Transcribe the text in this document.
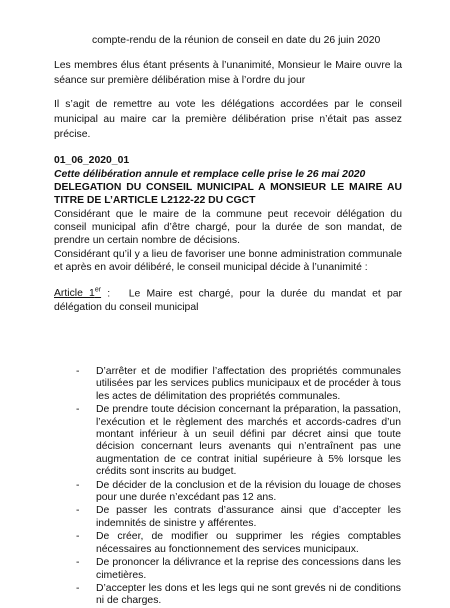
compte-rendu de la réunion de conseil en date du 26 juin 2020

Les membres élus étant présents à l’unanimité, Monsieur le Maire ouvre la séance sur première délibération mise à l’ordre du jour

Il s’agit de remettre au vote les délégations accordées par le conseil municipal au maire car la première délibération prise n’était pas assez précise.

01_06_2020_01

Cette délibération annule et remplace celle prise le 26 mai 2020

DELEGATION DU CONSEIL MUNICIPAL A MONSIEUR LE MAIRE AU TITRE DE L’ARTICLE L2122-22 DU CGCT

Considérant que le maire de la commune peut recevoir délégation du conseil municipal afin d’être chargé, pour la durée de son mandat, de prendre un certain nombre de décisions.

Considérant qu’il y a lieu de favoriser une bonne administration communale et après en avoir délibéré, le conseil municipal décide à l’unanimité :

Article 1er : Le Maire est chargé, pour la durée du mandat et par délégation du conseil municipal

- D’arrêter et de modifier l’affectation des propriétés communales utilisées par les services publics municipaux et de procéder à tous les actes de délimitation des propriétés communales.
- De prendre toute décision concernant la préparation, la passation, l’exécution et le règlement des marchés et accords-cadres d’un montant inférieur à un seuil défini par décret ainsi que toute décision concernant leurs avenants qui n’entraînent pas une augmentation de ce contrat initial supérieure à 5% lorsque les crédits sont inscrits au budget.
- De décider de la conclusion et de la révision du louage de choses pour une durée n’excédant pas 12 ans.
- De passer les contrats d’assurance ainsi que d’accepter les indemnités de sinistre y afférentes.
- De créer, de modifier ou supprimer les régies comptables nécessaires au fonctionnement des services municipaux.
- De prononcer la délivrance et la reprise des concessions dans les cimetières.
- D’accepter les dons et les legs qui ne sont grevés ni de conditions ni de charges.
